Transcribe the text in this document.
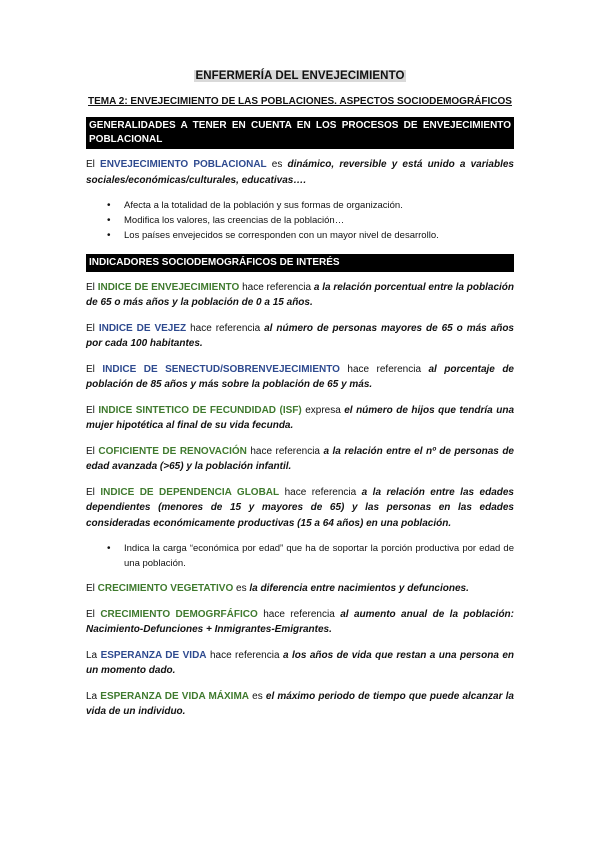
ENFERMERÍA DEL ENVEJECIMIENTO
TEMA 2: ENVEJECIMIENTO DE LAS POBLACIONES. ASPECTOS SOCIODEMOGRÁFICOS
GENERALIDADES A TENER EN CUENTA EN LOS PROCESOS DE ENVEJECIMIENTO POBLACIONAL

El ENVEJECIMIENTO POBLACIONAL es dinámico, reversible y está unido a variables sociales/económicas/culturales, educativas….

• Afecta a la totalidad de la población y sus formas de organización.
• Modifica los valores, las creencias de la población…
• Los países envejecidos se corresponden con un mayor nivel de desarrollo.
INDICADORES SOCIODEMOGRÁFICOS DE INTERÉS

El INDICE DE ENVEJECIMIENTO hace referencia a la relación porcentual entre la población de 65 o más años y la población de 0 a 15 años.

El INDICE DE VEJEZ hace referencia al número de personas mayores de 65 o más años por cada 100 habitantes.

El INDICE DE SENECTUD/SOBRENVEJECIMIENTO hace referencia al porcentaje de población de 85 años y más sobre la población de 65 y más.

El INDICE SINTETICO DE FECUNDIDAD (ISF) expresa el número de hijos que tendría una mujer hipotética al final de su vida fecunda.

El COFICIENTE DE RENOVACIÓN hace referencia a la relación entre el nº de personas de edad avanzada (>65) y la población infantil.

El INDICE DE DEPENDENCIA GLOBAL hace referencia a la relación entre las edades dependientes (menores de 15 y mayores de 65) y las personas en las edades consideradas económicamente productivas (15 a 64 años) en una población.

• Indica la carga “económica por edad” que ha de soportar la porción productiva por edad de una población.

El CRECIMIENTO VEGETATIVO es la diferencia entre nacimientos y defunciones.

El CRECIMIENTO DEMOGRFÁFICO hace referencia al aumento anual de la población: Nacimiento-Defunciones + Inmigrantes-Emigrantes.

La ESPERANZA DE VIDA hace referencia a los años de vida que restan a una persona en un momento dado.

La ESPERANZA DE VIDA MÁXIMA es el máximo periodo de tiempo que puede alcanzar la vida de un individuo.
